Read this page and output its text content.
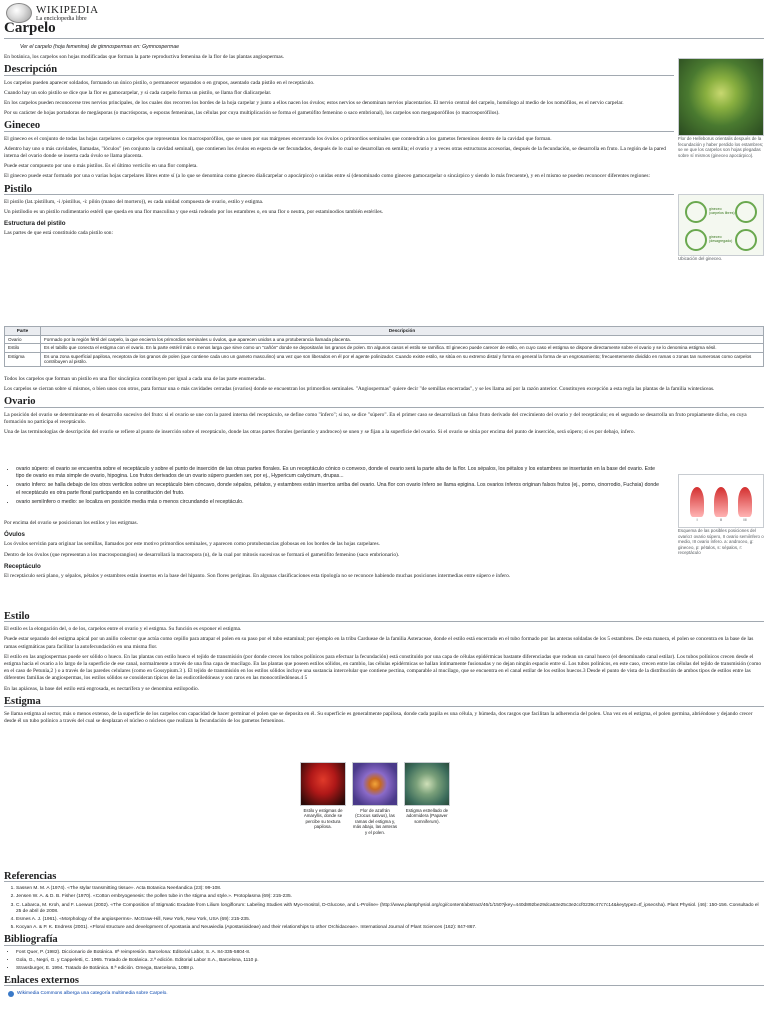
WIKIPEDIA
La enciclopedia libre
Carpelo

Ver el carpelo (hoja femenina) de gimnospermas en: Gymnospermae

En botánica, los carpelos son hojas modificadas que forman la parte reproductiva femenina de la flor de las plantas angiospermas.

Descripción

Los carpelos pueden aparecer soldados, formando un único pistilo, o permanecer separados o en grupos, asentado cada pistilo en el receptáculo.

Cuando hay un solo pistilo se dice que la flor es gamocarpelar, y si cada carpelo forma un pistilo, se llama flor dialicarpelar.

En los carpelos pueden reconocerse tres nervios principales, de los cuales dos recorren los bordes de la hoja carpelar y junto a ellos nacen los óvulos; estos nervios se denominan nervios placentarios. El nervio central del carpelo, homólogo al medio de los nomófilos, es el nervio carpelar.

Por su carácter de hojas portadoras de megásporas (o macrósporas, o esporas femeninas, las células por cuya multiplicación se forma el gametófito femenino o saco embrional), los carpelos son megasporófilos (o macrosporófilos).

Gineceo

El gineceo es el conjunto de todas las hojas carpelares o carpelos que representan los macrosporófilos, que se unen por sus márgenes encerrando los óvulos o primordios seminales que contendrán a los gametos femeninos dentro de la cavidad que forman.

Adentro hay uno o más cavidades, llamadas, "lóculos" (en conjunto la cavidad seminal), que contienen los óvulos en espera de ser fecundados, después de lo cual se desarrollan en semilla; el ovario y a veces otras estructuras accesorias, después de la fecundación, se desarrolla en fruto. La región de la pared interna del ovario donde se inserta cada óvulo se llama placenta.

Puede estar compuesto por uno o más pistilos. Es el último verticilo en una flor completa.

El gineceo puede estar formado por una o varias hojas carpelares libres entre sí (a lo que se denomina como gineceo dialicarpelar o apocárpico) o unidas entre sí (denominado como gineceo gamocarpelar o sincárpico y siendo lo más frecuente), y en el mismo se pueden reconocer diferentes regiones:

Pistilo

El pistilo (lat.:pistillum, -i /pistillus, -i: pilón (mano del mortero)), es cada unidad compuesta de ovario, estilo y estigma.

Un pistilodio es un pistilo rudimentario estéril que queda en una flor masculina y que está rodeado por los estambres o, en una flor o neutra, por estaminodios también estériles.

Estructura del pistilo

Las partes de que está constituido cada pistilo son:

Parte	Descripción
Ovario	Formado por la región fértil del carpelo, la que encierra los primordios seminales u óvulos, que aparecen unidos a una protuberancia llamada placenta.
Estilo	Es el tabillo que conecta el estigma con el ovario. En la parte estéril más o menos larga que sirve como un "cañón" donde se depositarán los granos de polen. En algunos casos el estilo se ramifica. El gineceo puede carecer de estilo, en cuyo caso el estigma se dispone directamente sobre el ovario y se lo denomina estigma sésil.
Estigma	Es una zona superficial papilosa, receptora de los granos de polen (que contiene cada uno un gameto masculino) una vez que son liberados en él por el agente polinizador. Cuando existe estilo, se sitúa en su extremo distal y forma en general la forma de un engrosamiento; frecuentemente dividido en ramas o zonas tan numerosas como carpelos contribuyen al pistilo.

Todos los carpelos que forman un pistilo en una flor sincárpica contribuyen por igual a cada una de las parte enumeradas.

Los carpelos se cierran sobre sí mismos, o bien unos con otros, para formar una o más cavidades cerradas (ovarios) donde se encuentran los primordios seminales. "Angiospermas" quiere decir "de semillas encerradas", y se les llama así por la razón anterior. Constituyen excepción a esta regla las plantas de la familia winteráceas.

Ovario

La posición del ovario se determinante en el desarrollo sucesivo del fruto: si el ovario se une con la pared interna del receptáculo, se define como "ínfero"; si no, se dice "súpero". En el primer caso se desarrollará un falso fruto derivado del crecimiento del ovario y del receptáculo; en el segundo se desarrolla un fruto propiamente dicho, en cuya formación no participa el receptáculo.

Una de las terminologías de descripción del ovario se refiere al punto de inserción sobre el receptáculo, donde las otras partes florales (periantio y androceo) se unen y se fijan a la superficie del ovario. Si el ovario se sitúa por encima del punto de inserción, será súpero; si es por debajo, ínfero.

• ovario súpero: el ovario se encuentra sobre el receptáculo y sobre el punto de inserción de las otras partes florales. Es un receptáculo cónico o convexo, donde el ovario será la parte alta de la flor. Los sépalos, los pétalos y los estambres se insertarán en la base del ovario. Este tipo de ovario es más simple de ovario, hipogina. Los frutos derivados de un ovario súpero pueden ser, por ej., Hypericum calycinum, drupas...
• ovario ínfero: se halla debajo de los otros verticilos sobre un receptáculo bien cóncavo, donde sépalos, pétalos, y estambres están insertos arriba del ovario. Una flor con ovario ínfero se llama epigina. Los ovarios ínferos originan falsos frutos (ej., pomo, cinorrodio, Fuchsia) donde el receptáculo es otra parte floral participando en la constitución del fruto.
• ovario semiínfero o medio: se localiza en posición media más o menos circundando el receptáculo.

Por encima del ovario se posicionan los estilos y los estigmas.

Óvulos

Los óvulos servirán para originar las semillas, llamados por este motivo primordios seminales, y aparecen como protuberancias globosas en los bordes de las hojas carpelares.

Dentro de los óvulos (que representan a los macrosporangios) se desarrollará la macrospora (n), de la cual por mitosis sucesivas se formará el gametófito femenino (saco embrionario).

Receptáculo

El receptáculo será plano, y sépalos, pétalos y estambres están insertos en la base del hipanto. Son flores periginas. En algunas clasificaciones esta tipología no se reconoce habiendo muchas posiciones intermedias entre súpero e ínfero.

Estilo

El estilo es la elongación del, o de los, carpelos entre el ovario y el estigma. Su función es exponer el estigma.

Puede estar separado del estigma apical por un anillo colector que actúa como cepillo para atrapar el polen en su paso por el tubo estaminal; por ejemplo en la tribu Cardueae de la familia Asteraceae, donde el estilo está encerrado en el tubo formado por las anteras soldadas de los 5 estambres. De esta manera, el polen se concentra en la base de las ramas estigmáticas para facilitar la autofecundación en una misma flor.

El estilo en las angiospermas puede ser sólido o hueco. En las plantas con estilo hueco el tejido de transmisión (por donde crecen los tubos polínicos para efectuar la fecundación) está constituido por una capa de células epidérmicas bastante diferenciadas que rodean un canal hueco (el denominado canal estilar). Los tubos polínicos crecen desde el estigma hacia el ovario a lo largo de la superficie de ese canal, normalmente a través de una fina capa de mucílago. En las plantas que poseen estilos sólidos, en cambio, las células epidérmicas se hallan íntimamente fusionadas y no dejan ningún espacio entre sí. Los tubos polínicos, en este caso, crecen entre las células del tejido de transmisión (como en el caso de Petunia,2 ) o a través de las paredes celulares (como en Gossypium.3 ). El tejido de transmisión en los estilos sólidos incluye una sustancia intercelular que contiene pectina, comparable al mucílago, que se encuentra en el canal estilar de los estilos huecos.3 Desde el punto de vista de la distribución de ambos tipos de estilos entre las diferentes familias de angiospermas, los estilos sólidos se consideran típicos de las eudicotiledóneas y son raros en las monocotiledóneas.4 5

En las apiáceas, la base del estilo está engrosada, es nectarífera y se denomina estilopodio.

Estigma

Se llama estigma al sector, más o menos extenso, de la superficie de los carpelos con capacidad de hacer germinar el polen que se deposita en él. Su superficie es generalmente papilosa, donde cada papila es una célula, y húmeda, dos rasgos que facilitan la adherencia del polen. Una vez en el estigma, el polen germina, abriéndose y dejando crecer desde él un tubo polínico a través del cual se desplazan el núcleo o núcleos que realizan la fecundación de los gametos femeninos.

Estilo y estigmas de Amaryllis, donde se percibe su textura papilosa.
Flor de azafrán (Crocus sativus), las ramas del estigma y, más abajo, las anteras y el polen.
Estigma estrellado de adormidera (Papaver somniferum).
Referencias
1. Sassen M. M. A (1974). «The stylar transmitting tissue». Acta Botanica Neerlandica (23): 99-108.
2. Jensen W. A. & D. B. Fisher (1970). «Cotton embryogenesis: the pollen tube in the stigma and style.». Protoplasma (69): 215-235.
3. C. Labarca, M. Kroh, and F. Loewus (2002). «The Composition of Stigmatic Exudate from Lilium longiflorum: Labeling Studies with Myo-Inositol, D-Glucose, and L-Proline» (http://www.plantphysiol.org/cgi/content/abstract/46/1/150?jkey=440d892be29dca63e25c3e2ccf0239c47c7c14&keytype2=tf_ipsecsha). Plant Physiol. (46): 150-156. Consultado el 25 de abril de 2008.
4. Esmes A. J. (1961). «Morphology of the angiosperms». McGraw-Hill, New York, New York, USA (69): 215-235.
5. Kocyan A. & P. K. Endress (2001). «Floral structure and development of Apostasia and Neuwiedia (Apostasioideae) and their relationships to other Orchidaceae». International Journal of Plant Sciences (162): 847-867.
Bibliografía
• Font Quer, P. (1982). Diccionario de Botánica. 8ª reimpresión. Barcelona: Editorial Labor, S. A. 84-335-5804-8.
• Gola, G., Negri, G. y Cappeletti, C. 1965. Tratado de Botánica. 2.ª edición. Editorial Labor S.A., Barcelona, 1110 p.
• Strassburger, E. 1994. Tratado de Botánica. 8.ª edición. Omega, Barcelona, 1088 p.
Enlaces externos
Wikimedia Commons alberga una categoría multimedia sobre Carpelo.
Flor de Helleborus orientalis después de la fecundación y haber perdido los estambres; se ve que los carpelos son hojas plegadas sobre sí mismos (gineceo apocárpico).
gineceo (carpelos libres)
gineceo (desagregado)
Ubicación del gineceo.
I	II	III
Esquema de las posibles posiciones del ovario:I ovario súpero, II ovario semiínfero o medio, III ovario ínfero. a: androceo, g: gineceo, p: pétalos, s: sépalos, r: receptáculo
